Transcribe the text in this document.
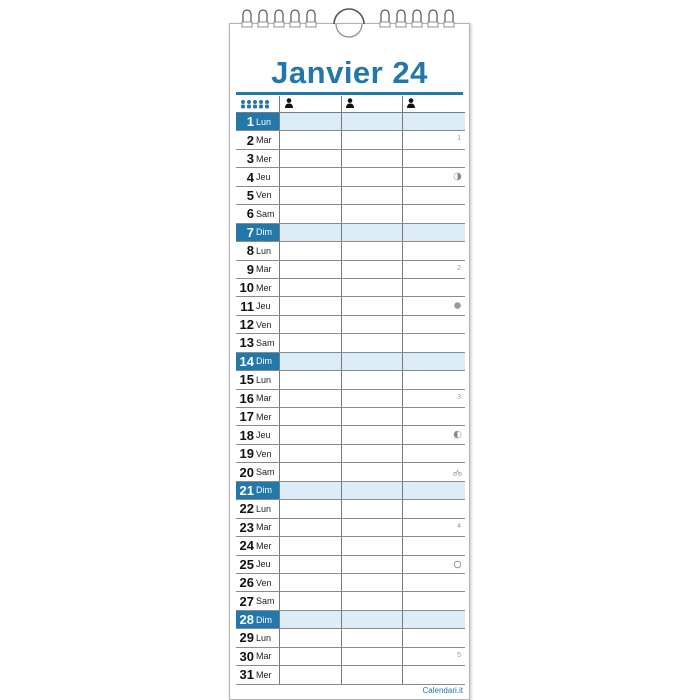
Janvier 24
1 Lun
2 Mar	1
3 Mer
4 Jeu
5 Ven
6 Sam
7 Dim
8 Lun
9 Mar	2
10 Mer
11 Jeu
12 Ven
13 Sam
14 Dim
15 Lun
16 Mar	3
17 Mer
18 Jeu
19 Ven
20 Sam
21 Dim
22 Lun
23 Mar	4
24 Mer
25 Jeu
26 Ven
27 Sam
28 Dim
29 Lun
30 Mar	5
31 Mer
Calendari.it
